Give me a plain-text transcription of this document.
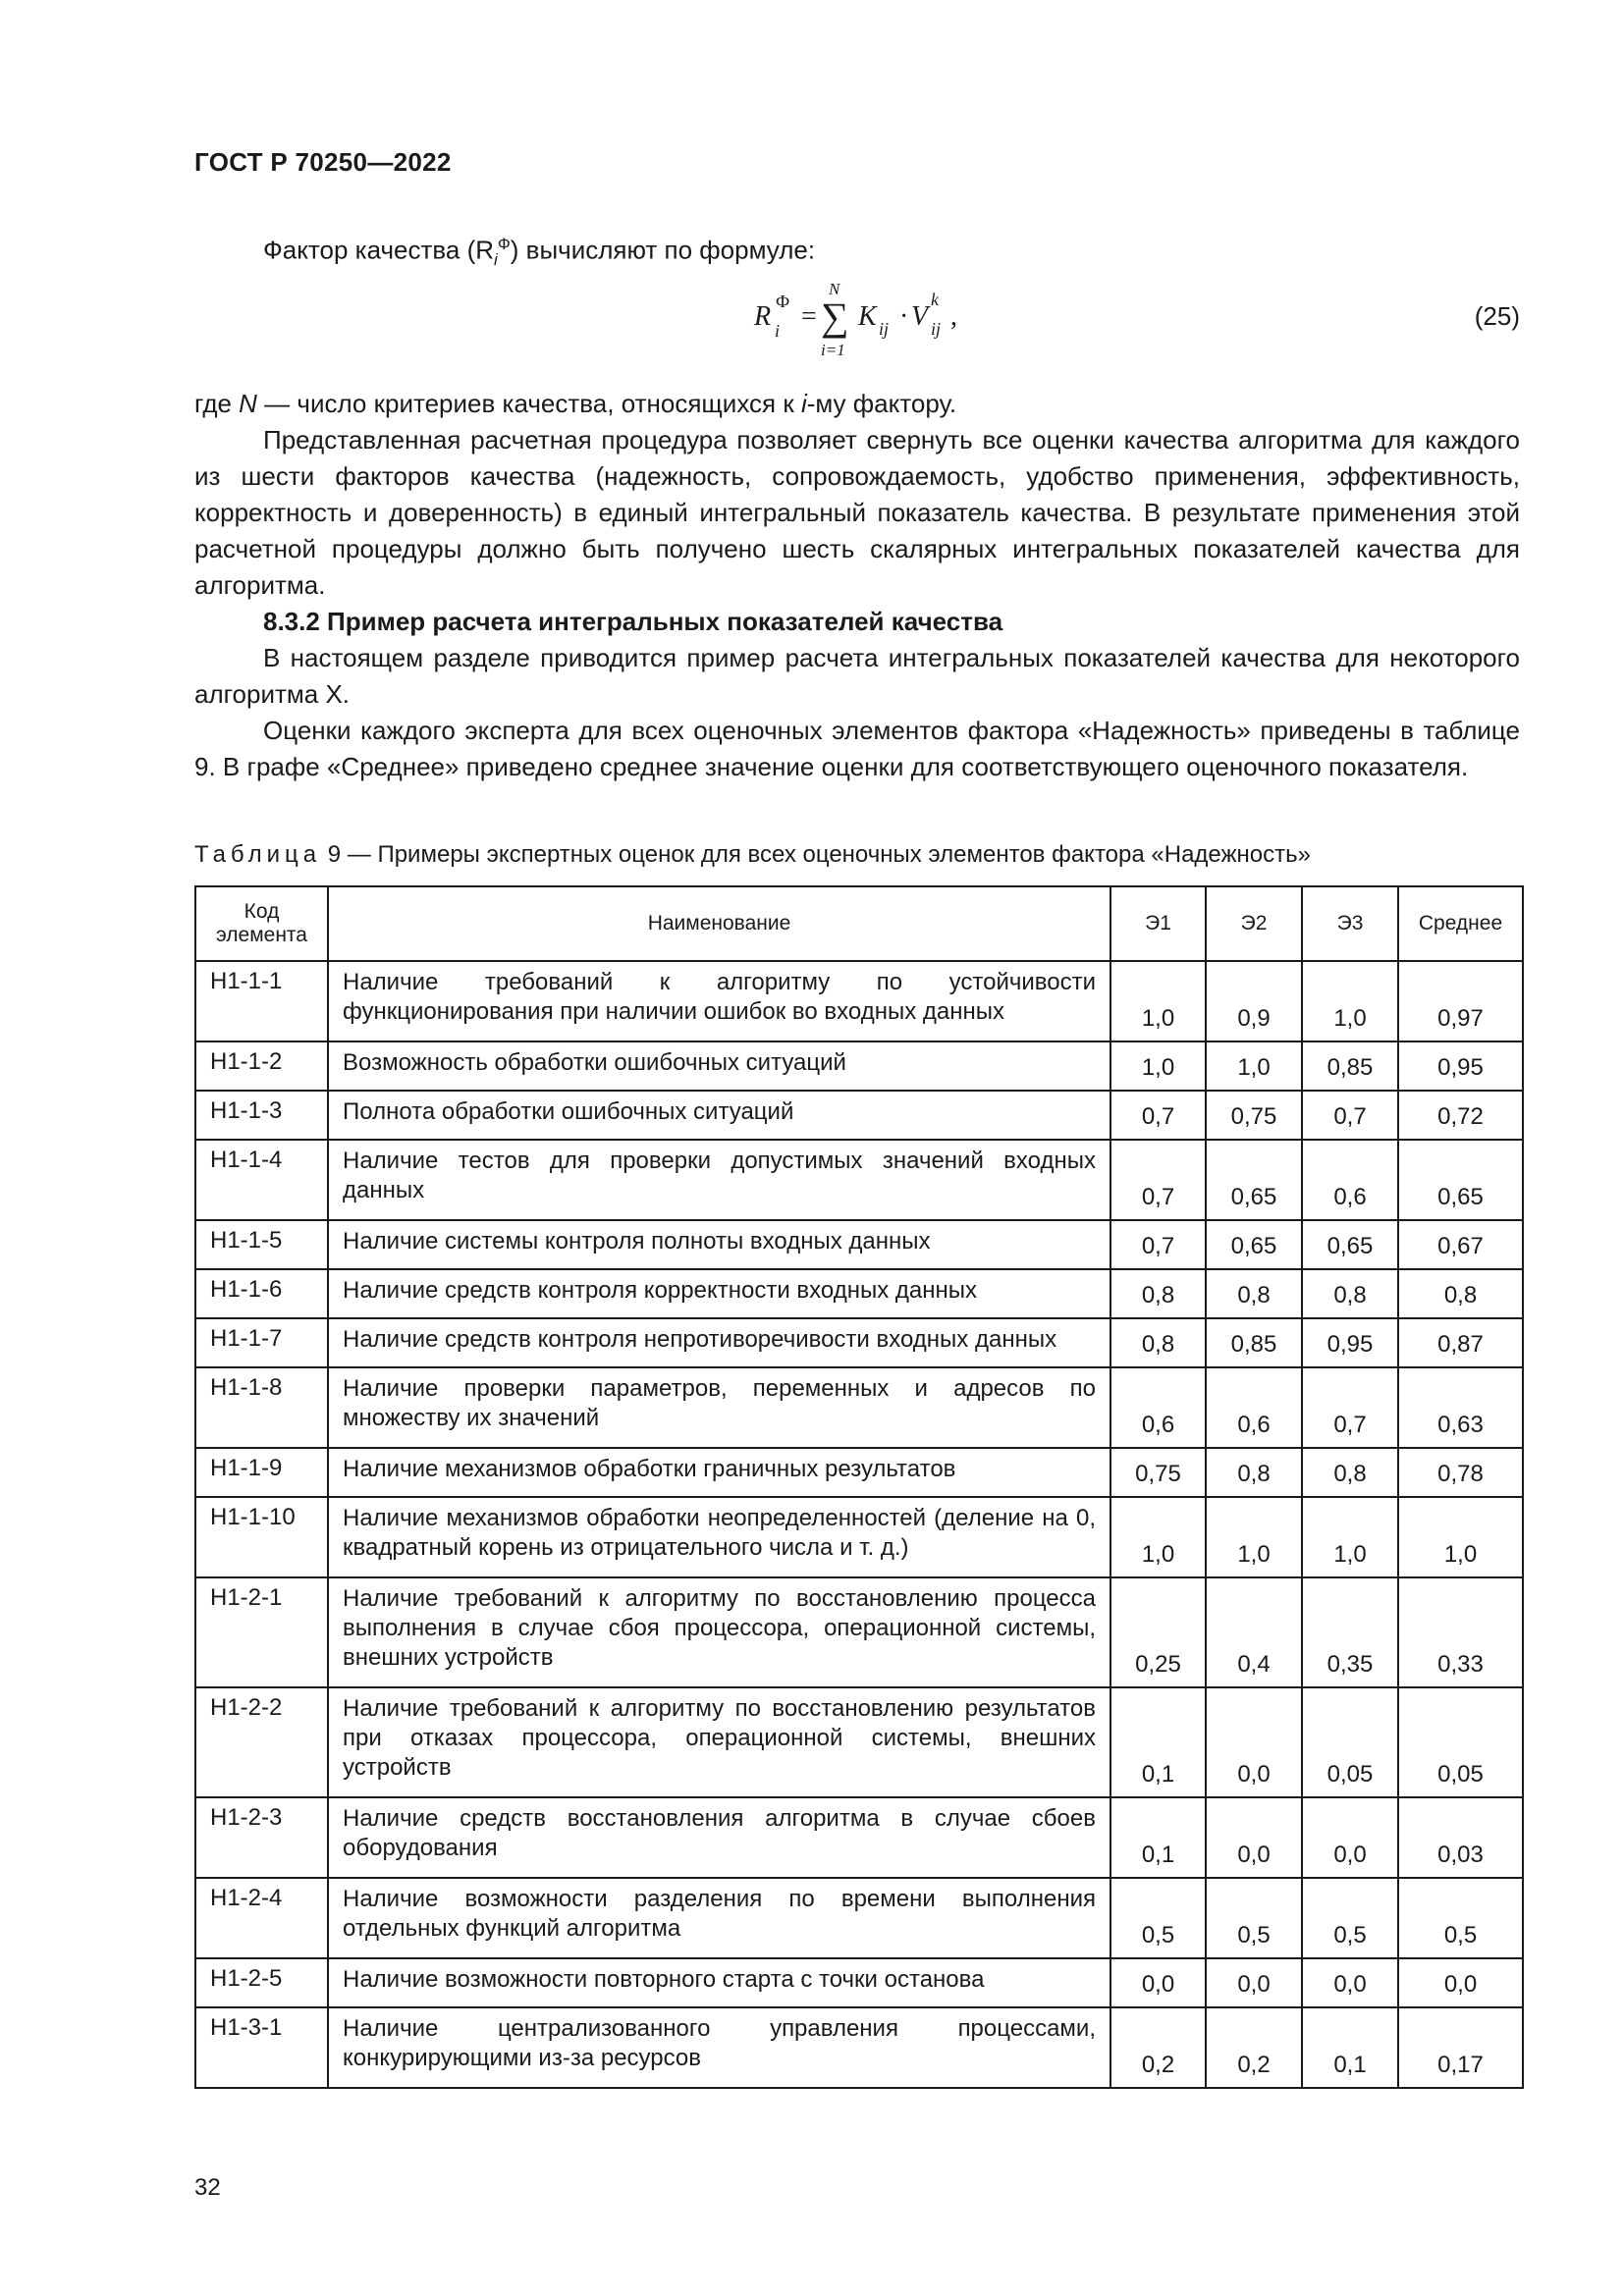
ГОСТ Р 70250—2022
Фактор качества $(R_i^Ф)$ вычисляют по формуле:
R Ф
i =
N
∑
i=1
K ij · V
k
ij ,	(25)
где N — число критериев качества, относящихся к i-му фактору.
Представленная расчетная процедура позволяет свернуть все оценки качества алгоритма для каждого из шести факторов качества (надежность, сопровождаемость, удобство применения, эффективность, корректность и доверенность) в единый интегральный показатель качества. В результате применения этой расчетной процедуры должно быть получено шесть скалярных интегральных показателей качества для алгоритма.
8.3.2 Пример расчета интегральных показателей качества
В настоящем разделе приводится пример расчета интегральных показателей качества для некоторого алгоритма X.
Оценки каждого эксперта для всех оценочных элементов фактора «Надежность» приведены в таблице 9. В графе «Среднее» приведено среднее значение оценки для соответствующего оценочного показателя.
Таблица 9 — Примеры экспертных оценок для всех оценочных элементов фактора «Надежность»
Код элемента	Наименование	Э1	Э2	Э3	Среднее
Н1-1-1	Наличие требований к алгоритму по устойчивости функционирования при наличии ошибок во входных данных	1,0	0,9	1,0	0,97
Н1-1-2	Возможность обработки ошибочных ситуаций	1,0	1,0	0,85	0,95
Н1-1-3	Полнота обработки ошибочных ситуаций	0,7	0,75	0,7	0,72
Н1-1-4	Наличие тестов для проверки допустимых значений входных данных	0,7	0,65	0,6	0,65
Н1-1-5	Наличие системы контроля полноты входных данных	0,7	0,65	0,65	0,67
Н1-1-6	Наличие средств контроля корректности входных данных	0,8	0,8	0,8	0,8
Н1-1-7	Наличие средств контроля непротиворечивости входных данных	0,8	0,85	0,95	0,87
Н1-1-8	Наличие проверки параметров, переменных и адресов по множеству их значений	0,6	0,6	0,7	0,63
Н1-1-9	Наличие механизмов обработки граничных результатов	0,75	0,8	0,8	0,78
Н1-1-10	Наличие механизмов обработки неопределенностей (деление на 0, квадратный корень из отрицательного числа и т. д.)	1,0	1,0	1,0	1,0
Н1-2-1	Наличие требований к алгоритму по восстановлению процесса выполнения в случае сбоя процессора, операционной системы, внешних устройств	0,25	0,4	0,35	0,33
Н1-2-2	Наличие требований к алгоритму по восстановлению результатов при отказах процессора, операционной системы, внешних устройств	0,1	0,0	0,05	0,05
Н1-2-3	Наличие средств восстановления алгоритма в случае сбоев оборудования	0,1	0,0	0,0	0,03
Н1-2-4	Наличие возможности разделения по времени выполнения отдельных функций алгоритма	0,5	0,5	0,5	0,5
Н1-2-5	Наличие возможности повторного старта с точки останова	0,0	0,0	0,0	0,0
Н1-3-1	Наличие централизованного управления процессами, конкурирующими из-за ресурсов	0,2	0,2	0,1	0,17
32
